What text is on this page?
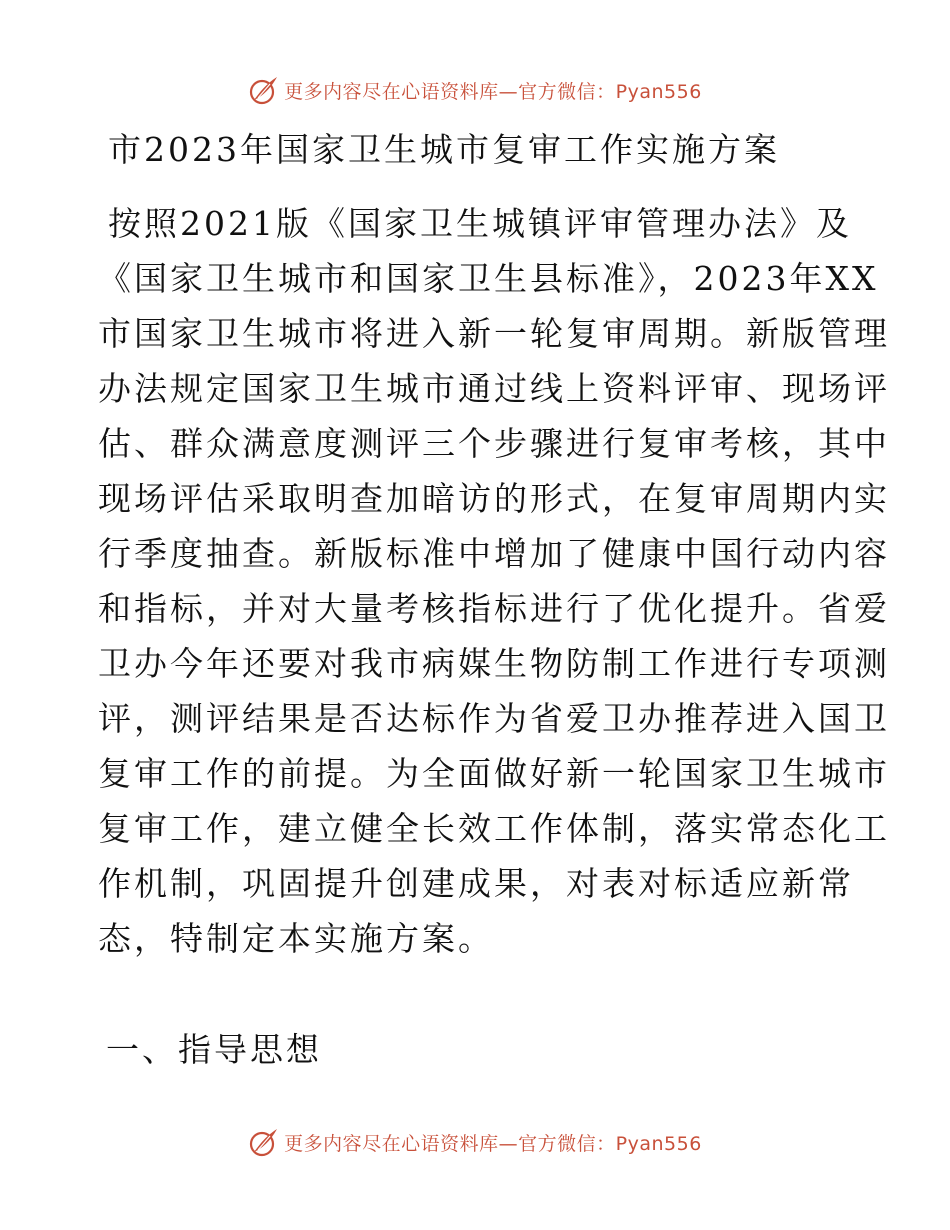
更多内容尽在心语资料库—官方微信：Pyan556
市2023年国家卫生城市复审工作实施方案
按照2021版《国家卫生城镇评审管理办法》及
《国家卫生城市和国家卫生县标准》，2023年XX
市国家卫生城市将进入新一轮复审周期。新版管理
办法规定国家卫生城市通过线上资料评审、现场评
估、群众满意度测评三个步骤进行复审考核，其中
现场评估采取明查加暗访的形式，在复审周期内实
行季度抽查。新版标准中增加了健康中国行动内容
和指标，并对大量考核指标进行了优化提升。省爱
卫办今年还要对我市病媒生物防制工作进行专项测
评，测评结果是否达标作为省爱卫办推荐进入国卫
复审工作的前提。为全面做好新一轮国家卫生城市
复审工作，建立健全长效工作体制，落实常态化工
作机制，巩固提升创建成果，对表对标适应新常
态，特制定本实施方案。
一、指导思想
更多内容尽在心语资料库—官方微信：Pyan556
